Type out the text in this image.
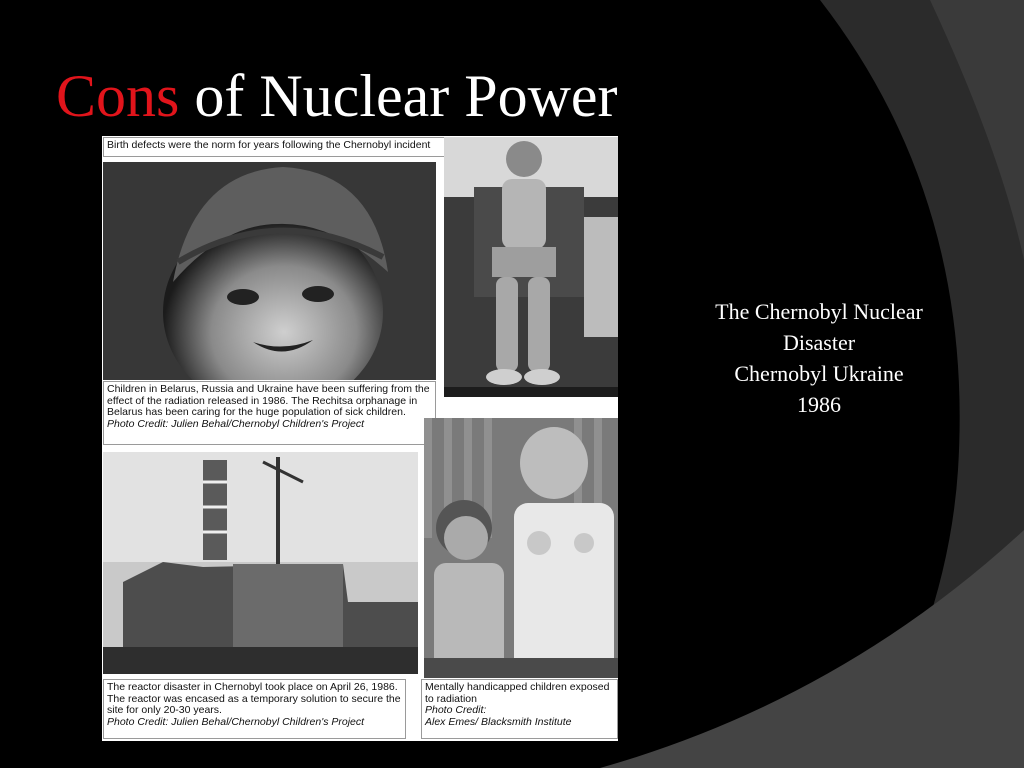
Cons of Nuclear Power
Birth defects were the norm for years following the Chernobyl incident
Children in Belarus, Russia and Ukraine have been suffering from the effect of the radiation released in 1986. The Rechitsa orphanage in Belarus has been caring for the huge population of sick children.
Photo Credit: Julien Behal/Chernobyl Children's Project
The reactor disaster in Chernobyl took place on April 26, 1986. The reactor was encased as a temporary solution to secure the site for only 20-30 years.
Photo Credit: Julien Behal/Chernobyl Children's Project
Mentally handicapped children exposed to radiation
Photo Credit:
Alex Emes/ Blacksmith Institute
The Chernobyl Nuclear
Disaster
Chernobyl Ukraine
1986
